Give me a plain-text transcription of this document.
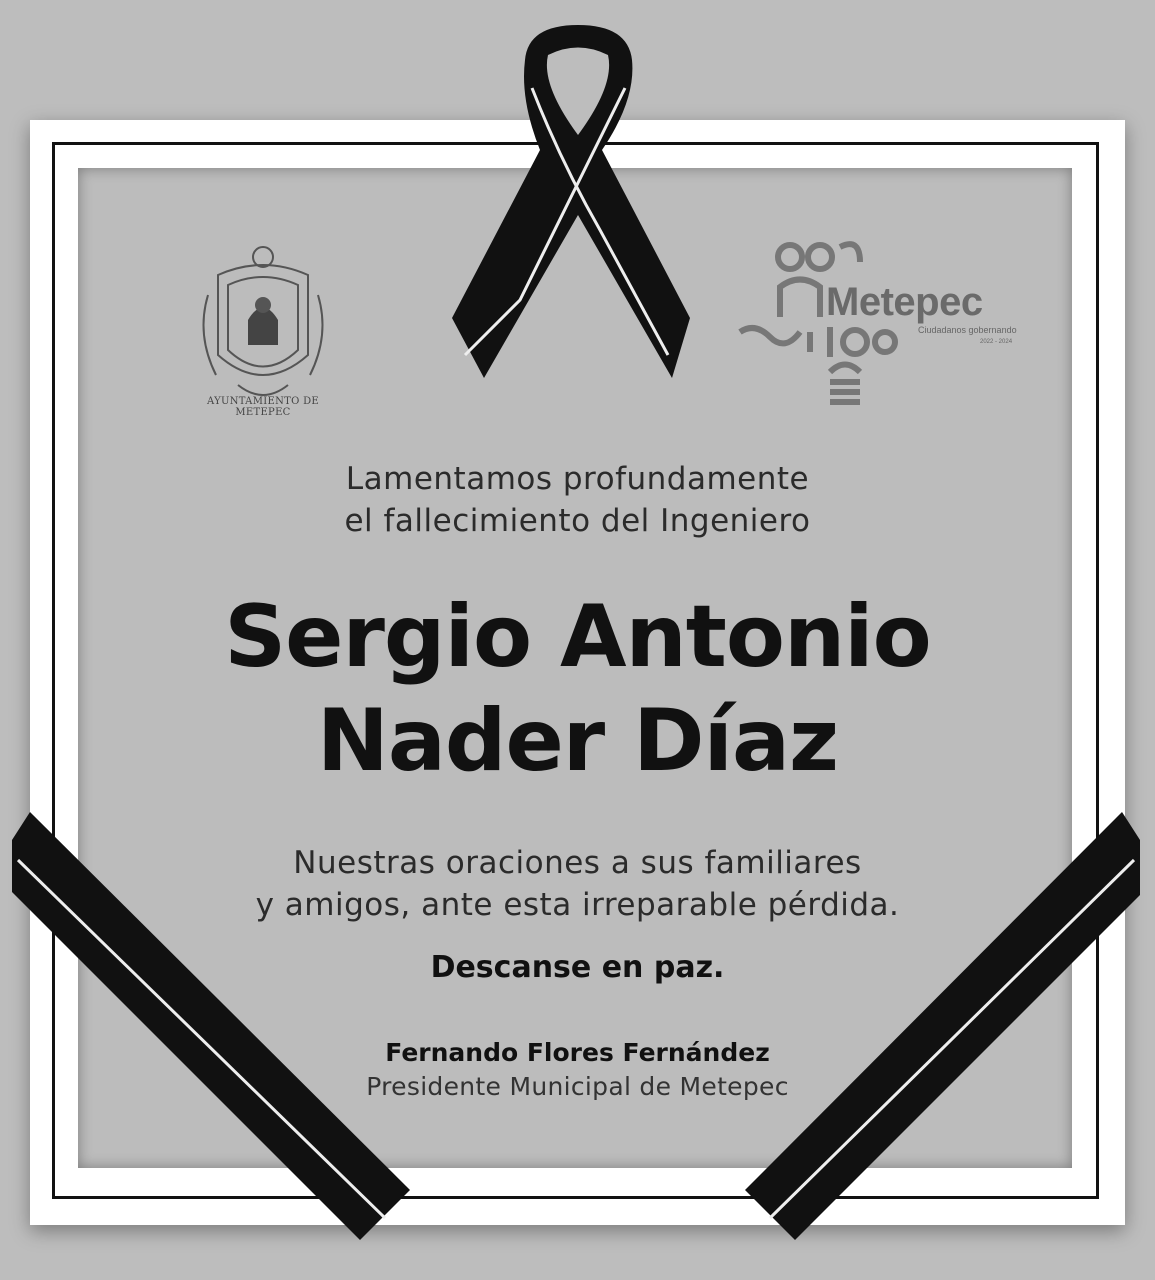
AYUNTAMIENTO DE METEPEC
Metepec
Ciudadanos gobernando
2022 - 2024
Lamentamos profundamente
el fallecimiento del Ingeniero
Sergio Antonio
Nader Díaz
Nuestras oraciones a sus familiares
y amigos, ante esta irreparable pérdida.
Descanse en paz.
Fernando Flores Fernández
Presidente Municipal de Metepec
